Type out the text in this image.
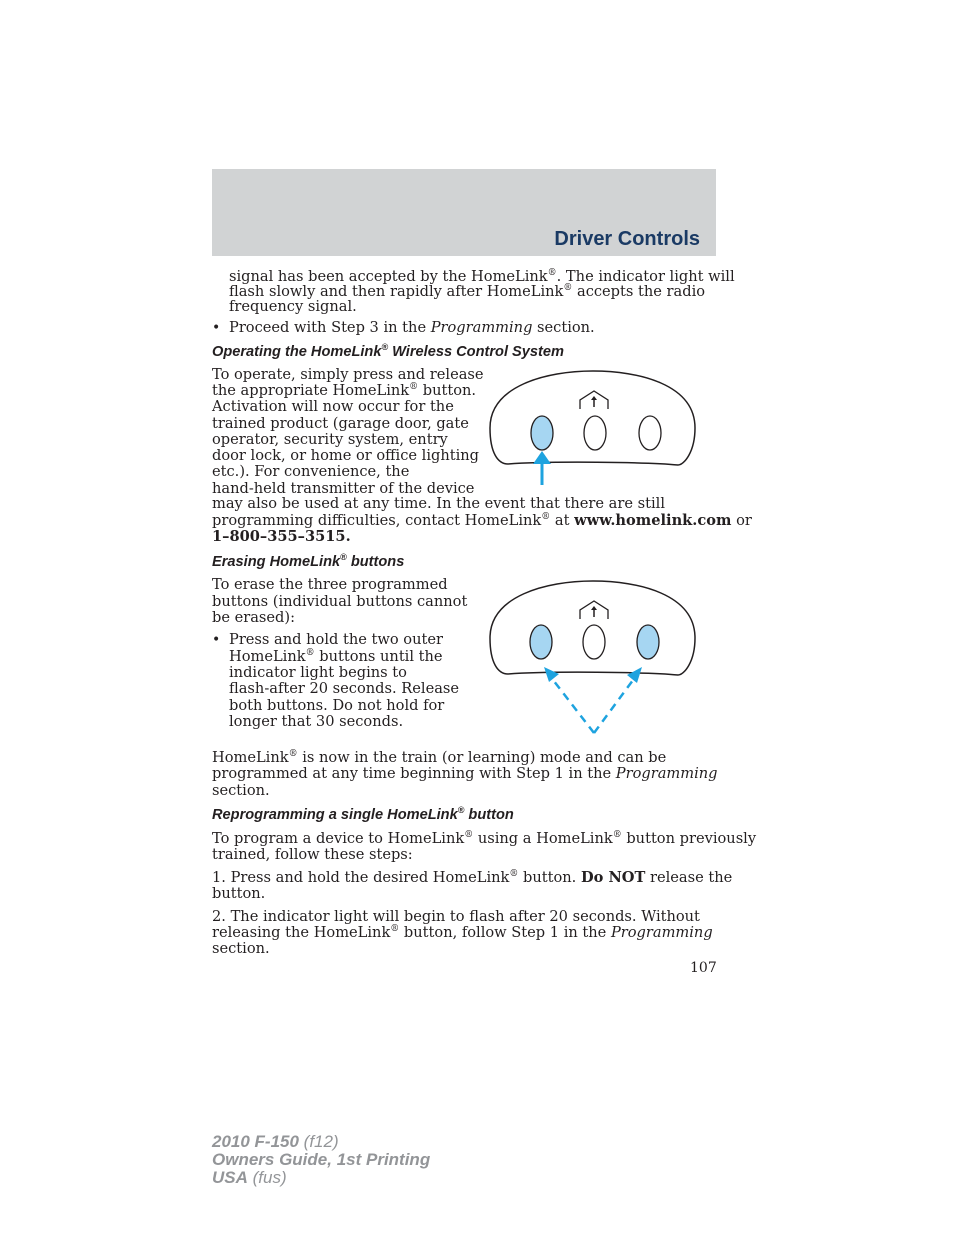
Driver Controls
signal has been accepted by the HomeLink®. The indicator light will
flash slowly and then rapidly after HomeLink® accepts the radio
frequency signal.
• Proceed with Step 3 in the Programming section.
Operating the HomeLink® Wireless Control System
To operate, simply press and release
the appropriate HomeLink® button.
Activation will now occur for the
trained product (garage door, gate
operator, security system, entry
door lock, or home or office lighting
etc.). For convenience, the
hand-held transmitter of the device
may also be used at any time. In the event that there are still
programming difficulties, contact HomeLink® at www.homelink.com or
1–800–355–3515.
Erasing HomeLink® buttons
To erase the three programmed
buttons (individual buttons cannot
be erased):
• Press and hold the two outer
HomeLink® buttons until the
indicator light begins to
flash-after 20 seconds. Release
both buttons. Do not hold for
longer that 30 seconds.
HomeLink® is now in the train (or learning) mode and can be
programmed at any time beginning with Step 1 in the Programming
section.
Reprogramming a single HomeLink® button
To program a device to HomeLink® using a HomeLink® button previously
trained, follow these steps:
1. Press and hold the desired HomeLink® button. Do NOT release the
button.
2. The indicator light will begin to flash after 20 seconds. Without
releasing the HomeLink® button, follow Step 1 in the Programming
section.
107
2010 F-150 (f12)
Owners Guide, 1st Printing
USA (fus)
